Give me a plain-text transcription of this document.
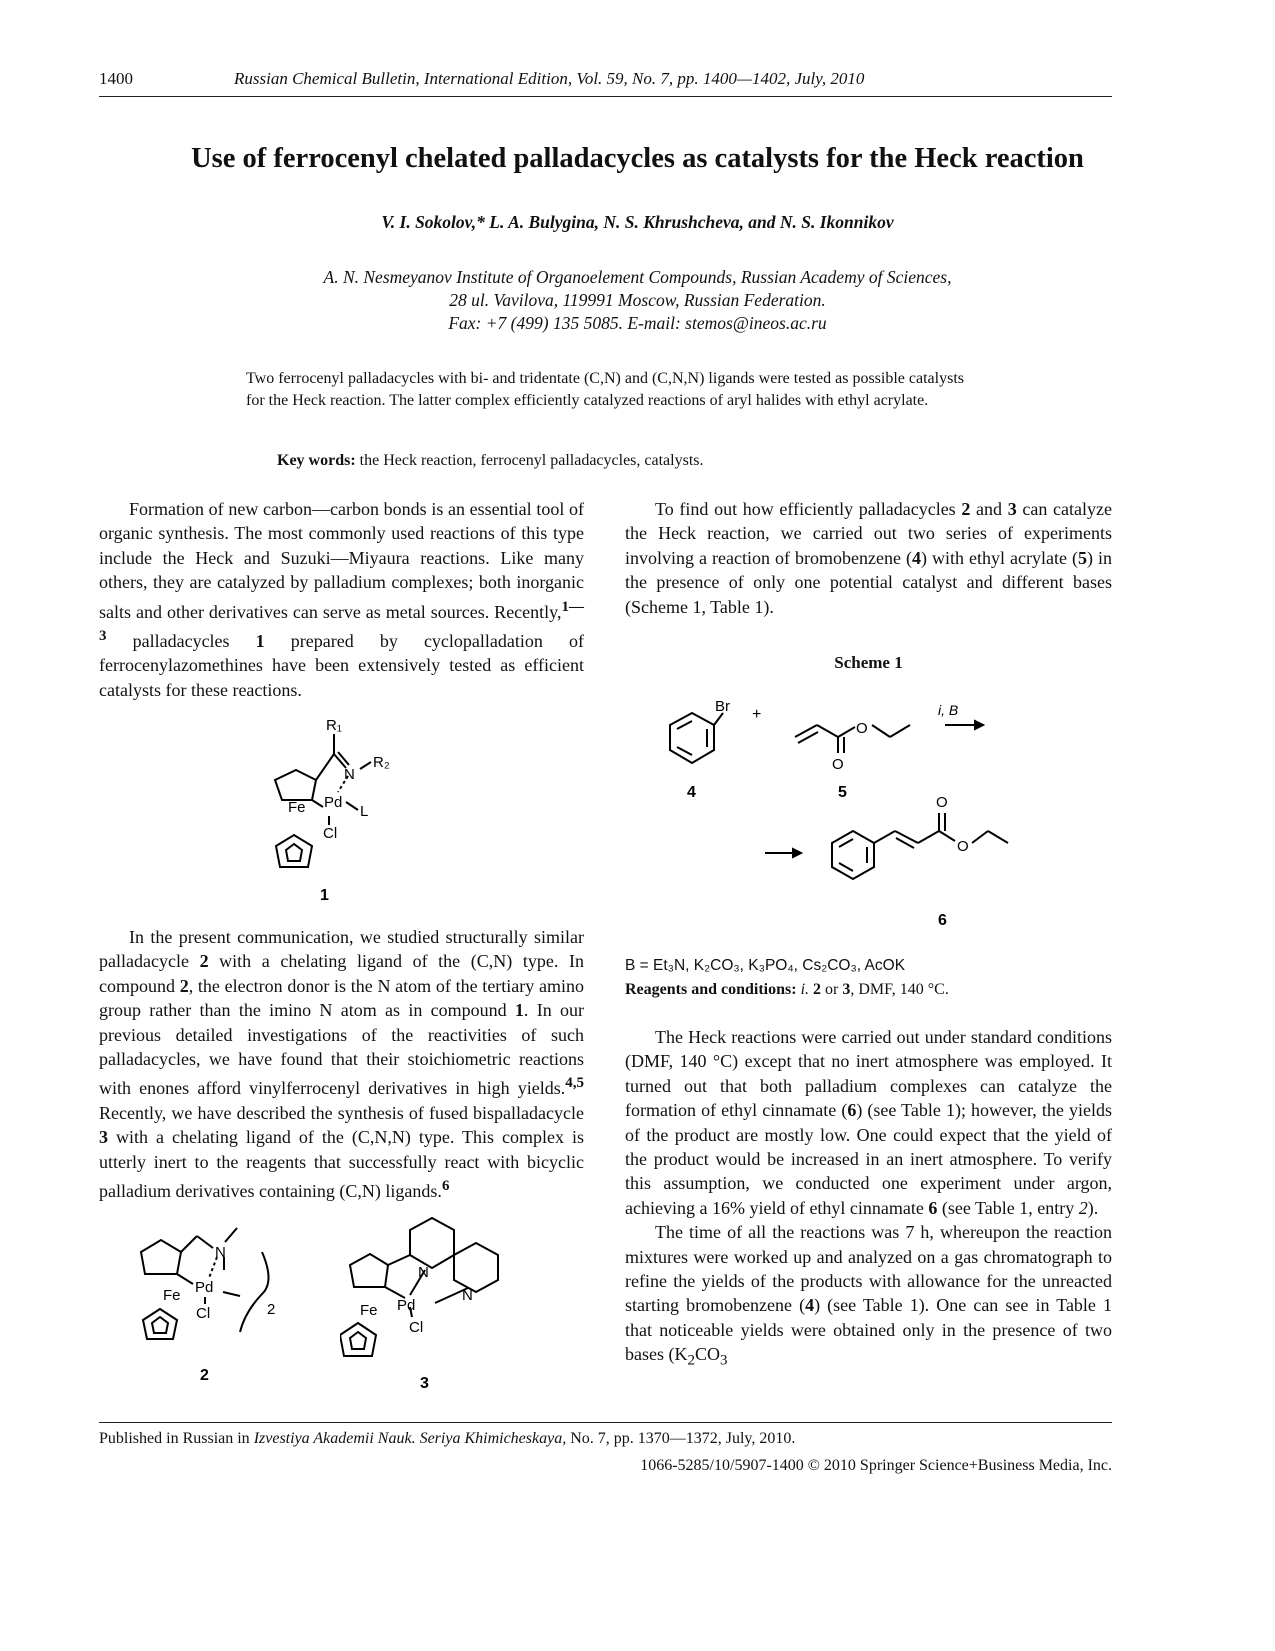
1400	Russian Chemical Bulletin, International Edition, Vol. 59, No. 7, pp. 1400—1402, July, 2010
Use of ferrocenyl chelated palladacycles as catalysts for the Heck reaction
V. I. Sokolov,* L. A. Bulygina, N. S. Khrushcheva, and N. S. Ikonnikov
A. N. Nesmeyanov Institute of Organoelement Compounds, Russian Academy of Sciences,
28 ul. Vavilova, 119991 Moscow, Russian Federation.
Fax: +7 (499) 135 5085. E-mail: stemos@ineos.ac.ru
Two ferrocenyl palladacycles with bi- and tridentate (C,N) and (C,N,N) ligands were tested as possible catalysts for the Heck reaction. The latter complex efficiently catalyzed reactions of aryl halides with ethyl acrylate.
Key words: the Heck reaction, ferrocenyl palladacycles, catalysts.

Formation of new carbon—carbon bonds is an essential tool of organic synthesis. The most commonly used reactions of this type include the Heck and Suzuki—Miyaura reactions. Like many others, they are catalyzed by palladium complexes; both inorganic salts and other derivatives can serve as metal sources. Recently,$^{1—3}$ palladacycles 1 prepared by cyclopalladation of ferrocenylazomethines have been extensively tested as efficient catalysts for these reactions.

R₁
N
R₂
Fe Pd
L
Cl
1

In the present communication, we studied structurally similar palladacycle 2 with a chelating ligand of the (C,N) type. In compound 2, the electron donor is the N atom of the tertiary amino group rather than the imino N atom as in compound 1. In our previous detailed investigations of the reactivities of such palladacycles, we have found that their stoichiometric reactions with enones afford vinylferrocenyl derivatives in high yields.$^{4,5}$ Recently, we have described the synthesis of fused bispalladacycle 3 with a chelating ligand of the (C,N,N) type. This complex is utterly inert to the reagents that successfully react with bicyclic palladium derivatives containing (C,N) ligands.$^6$

N
Fe Pd
Cl	2
2
N
N
Fe Pd
Cl
3

To find out how efficiently palladacycles 2 and 3 can catalyze the Heck reaction, we carried out two series of experiments involving a reaction of bromobenzene (4) with ethyl acrylate (5) in the presence of only one potential catalyst and different bases (Scheme 1, Table 1).

Scheme 1
Br +
O
O
i, B
4	5
O
O
6
B = Et₃N, K₂CO₃, K₃PO₄, Cs₂CO₃, AcOK
Reagents and conditions: i. 2 or 3, DMF, 140 °C.

The Heck reactions were carried out under standard conditions (DMF, 140 °C) except that no inert atmosphere was employed. It turned out that both palladium complexes can catalyze the formation of ethyl cinnamate (6) (see Table 1); however, the yields of the product are mostly low. One could expect that the yield of the product would be increased in an inert atmosphere. To verify this assumption, we conducted one experiment under argon, achieving a 16% yield of ethyl cinnamate 6 (see Table 1, entry 2).

The time of all the reactions was 7 h, whereupon the reaction mixtures were worked up and analyzed on a gas chromatograph to refine the yields of the products with allowance for the unreacted starting bromobenzene (4) (see Table 1). One can see in Table 1 that noticeable yields were obtained only in the presence of two bases ($K_2CO_3$

Published in Russian in Izvestiya Akademii Nauk. Seriya Khimicheskaya, No. 7, pp. 1370—1372, July, 2010.
1066-5285/10/5907-1400 © 2010 Springer Science+Business Media, Inc.
